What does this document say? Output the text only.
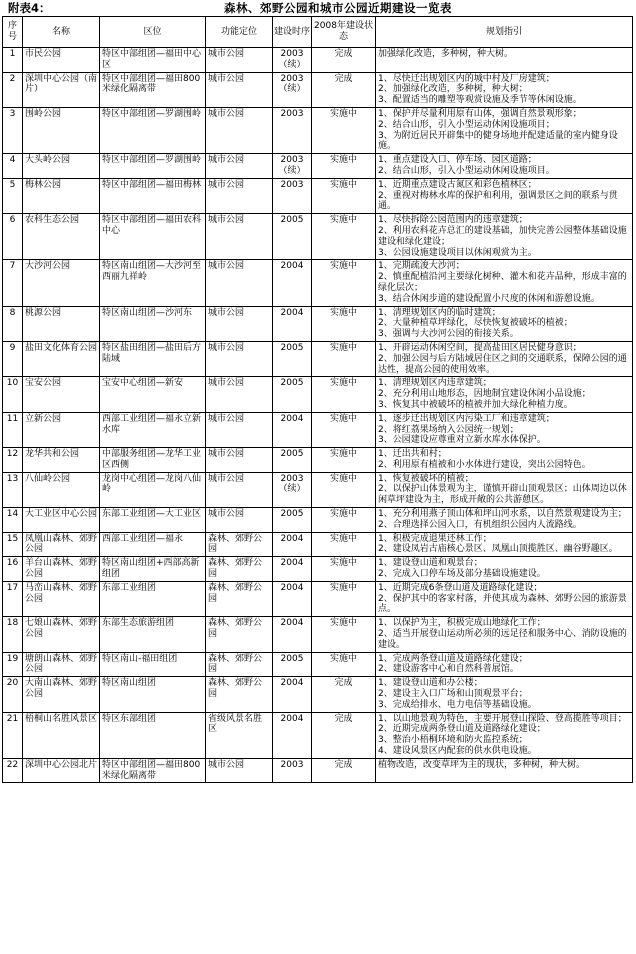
附表4：	森林、郊野公园和城市公园近期建设一览表
序号	名称	区位	功能定位	建设时序	2008年建设状态	规划指引
1	市民公园	特区中部组团—福田中心区	城市公园	2003（续）	完成	加强绿化改造，多种树，种大树。

2	深圳中心公园（南片）	特区中部组团—福田800米绿化隔离带	城市公园	2003（续）	完成	1、尽快迁出规划区内的城中村及厂房建筑；
2、加强绿化改造，多种树，种大树；
3、配置适当的雕塑等观赏设施及季节等休闲设施。

3	围岭公园	特区中部组团—罗湖围岭	城市公园	2003	实施中	1、保护并尽量利用原有山体，强调自然景观形象；
2、结合山形，引入小型运动休闲设施项目；
3、为附近居民开辟集中的健身场地并配建适量的室内健身设施。

4	大头岭公园	特区中部组团—罗湖围岭	城市公园	2003（续）	实施中	1、重点建设入口、停车场、园区道路；
2、结合山形，引入小型运动休闲设施项目。

5	梅林公园	特区中部组团—福田梅林	城市公园	2003	实施中	1、近期重点建设古氮区和彩色植林区；
2、重视对梅林水库的保护和利用，强调景区之间的联系与贯通。

6	农科生态公园	特区中部组团—福田农科中心	城市公园	2005	实施中	1、尽快拆除公园范围内的违章建筑；
2、利用农科花卉总汇的建设基础，加快完善公园整体基础设施建设和绿化建设；
3、公园设施建设项目以休闲观赏为主。

7	大沙河公园	特区南山组团—大沙河至西丽九祥岭	城市公园	2004	实施中	1、完期疏浚大沙河；
2、慎重配植沿河主要绿化树种、灌木和花卉品种，形成丰富的绿化层次；
3、结合休闲步道的建设配置小尺度的休闲和游憩设施。

8	桃源公园	特区南山组团—沙河东	城市公园	2004	实施中	1、清理规划区内的临时建筑；
2、大量种植草坪绿化，尽快恢复被破坏的植被；
3、强调与大沙河公园的衔接关系。

9	盐田文化体育公园	特区盐田组团—盐田后方陆域	城市公园	2005	实施中	1、开辟运动休闲空间，提高盐田区居民健身意识；
2、加强公园与后方陆域居住区之间的交通联系，保障公园的通达性，提高公园的使用效率。

10	宝安公园	宝安中心组团—新安	城市公园	2005	实施中	1、清理规划区内违章建筑；
2、充分利用山地形态，因地制宜建设休闲小品设施；
3、恢复其中被破坏的植被并加大绿化种植力度。

11	立新公园	西部工业组团—福永立新水库	城市公园	2004	实施中	1、逐步迁出规划区内污染工厂和违章建筑；
2、将红荔果场纳入公园统一规划；
3、公园建设应尊重对立新水库水体保护。

12	龙华共和公园	中部服务组团—龙华工业区西侧	城市公园	2005	实施中	1、迁出共和村；
2、利用原有植被和小水体进行建设，突出公园特色。

13	八仙岭公园	龙岗中心组团—龙岗八仙岭	城市公园	2003（续）	实施中	1、恢复被破坏的植被；
2、以保护山体景观为主，谨慎开辟山顶观景区；山体周边以休闲草坪建设为主，形成开敞的公共游憩区。

14	大工业区中心公园	东部工业组团—大工业区	城市公园	2005	实施中	1、充分利用燕子顶山体和坪山河水系，以自然景观建设为主；
2、合理选择公园入口，有机组织公园内人流路线。

15	凤凰山森林、郊野公园	西部工业组团—福永	森林、郊野公园	2004	实施中	1、积极完成退果还林工作；
2、建设凤岩古庙核心景区、凤凰山顶揽胜区、幽谷野趣区。

16	羊台山森林、郊野公园	特区南山组团+西部高新组团	森林、郊野公园	2004	实施中	1、建设登山道和观景台；
2、完成入口停车场及部分基础设施建设。

17	马峦山森林、郊野公园	东部工业组团	森林、郊野公园	2004	实施中	1、近期完成6条登山道及道路绿化建设；
2、保护其中的客家村落，并使其成为森林、郊野公园的旅游景点。

18	七娘山森林、郊野公园	东部生态旅游组团	森林、郊野公园	2004	实施中	1、以保护为主，积极完成山地绿化工作；
2、适当开展登山运动所必须的远足径和服务中心、消防设施的建设。

19	塘朗山森林、郊野公园	特区南山-福田组团	森林、郊野公园	2005	实施中	1、完成两条登山道及道路绿化建设；
2、建设游客中心和自然科普展馆。

20	大南山森林、郊野公园	特区南山组团	森林、郊野公园	2004	完成	1、建设登山道和办公楼；
2、建设主入口广场和山顶观景平台；
3、完成给排水、电力电信等基础设施。

21	梧桐山名胜风景区	特区东部组团	省级风景名胜区	2004	完成	1、以山地景观为特色，主要开展登山探险、登高揽胜等项目；
2、近期完成两条登山道及道路绿化建设；
3、整治小梧桐环境和防火监控系统；
4、建设风景区内配套的供水供电设施。

22	深圳中心公园北片	特区中部组团—福田800米绿化隔离带	城市公园	2003	完成	植物改造，改变草坪为主的现状，多种树，种大树。
